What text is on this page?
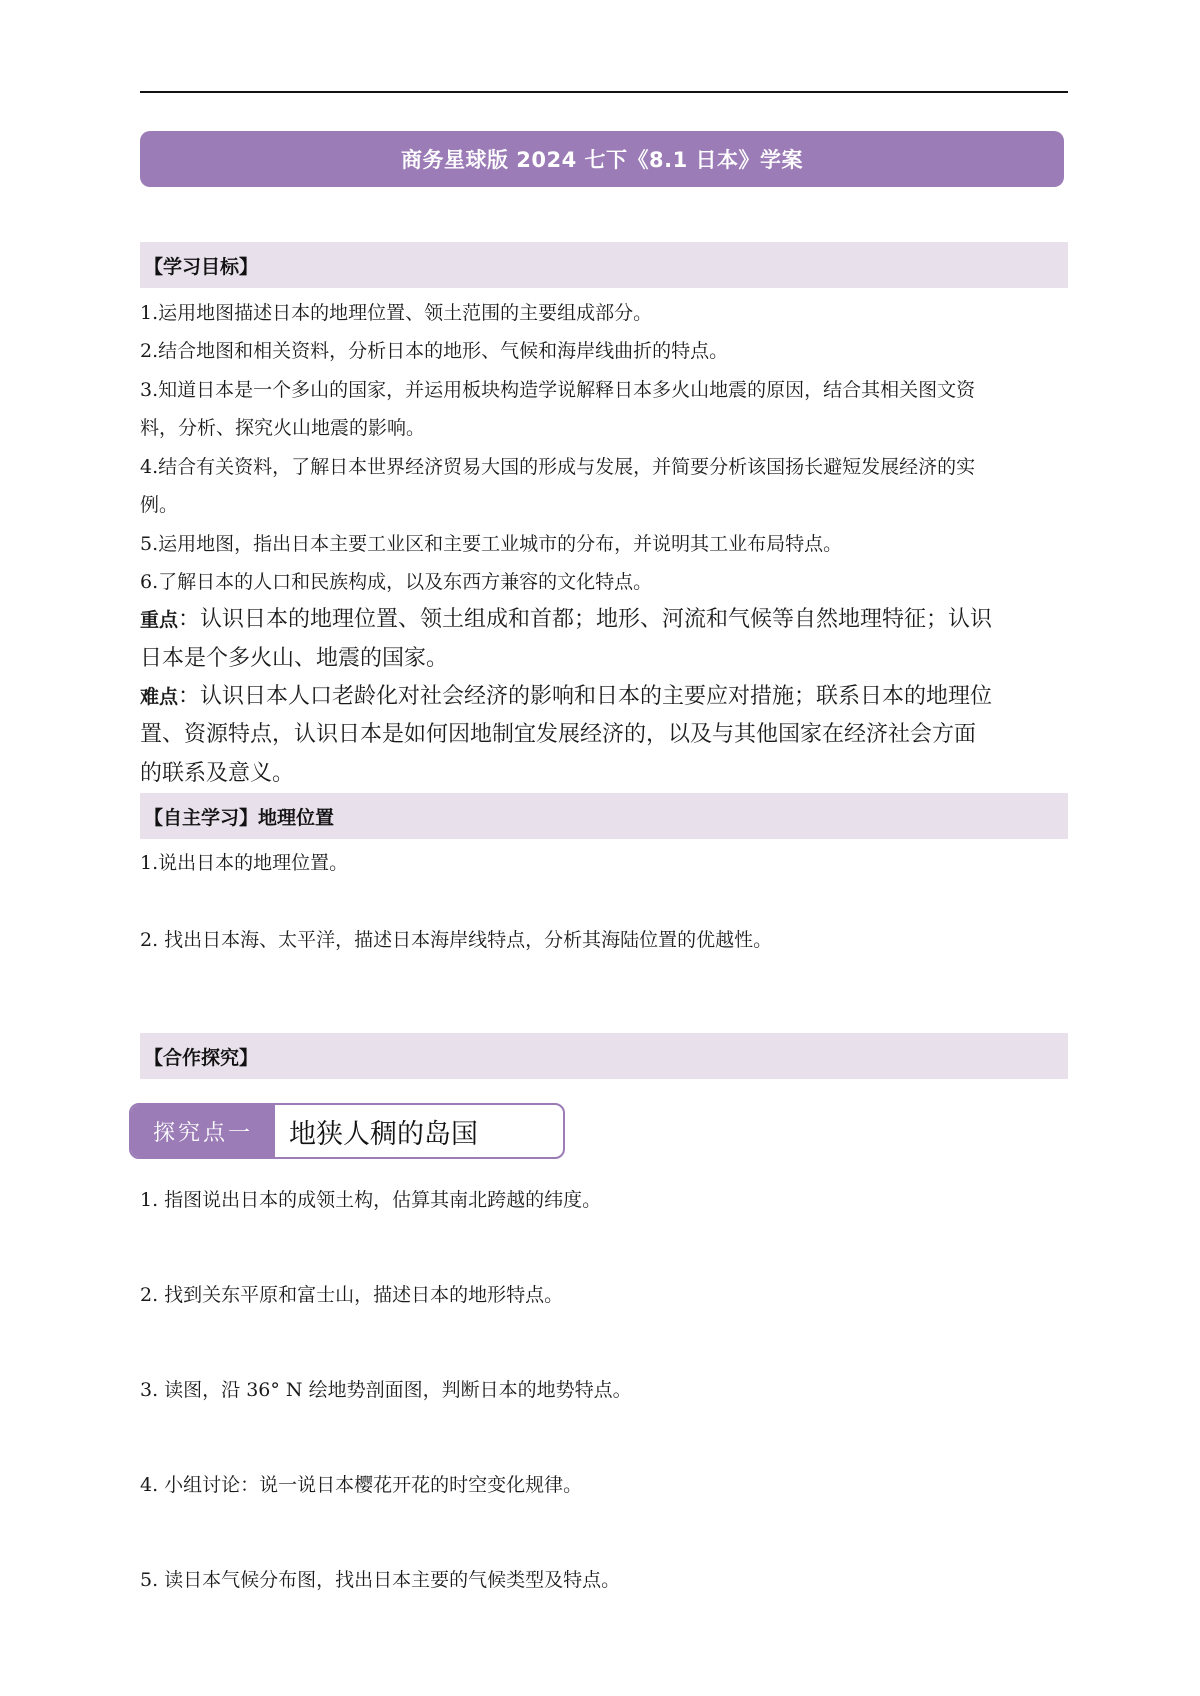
商务星球版 2024 七下《8.1 日本》学案
【学习目标】
1.运用地图描述日本的地理位置、领土范围的主要组成部分。
2.结合地图和相关资料，分析日本的地形、气候和海岸线曲折的特点。
3.知道日本是一个多山的国家，并运用板块构造学说解释日本多火山地震的原因，结合其相关图文资
料，分析、探究火山地震的影响。
4.结合有关资料，了解日本世界经济贸易大国的形成与发展，并简要分析该国扬长避短发展经济的实
例。
5.运用地图，指出日本主要工业区和主要工业城市的分布，并说明其工业布局特点。
6.了解日本的人口和民族构成，以及东西方兼容的文化特点。
重点：认识日本的地理位置、领土组成和首都；地形、河流和气候等自然地理特征；认识
日本是个多火山、地震的国家。
难点：认识日本人口老龄化对社会经济的影响和日本的主要应对措施；联系日本的地理位
置、资源特点，认识日本是如何因地制宜发展经济的，以及与其他国家在经济社会方面
的联系及意义。
【自主学习】地理位置
1.说出日本的地理位置。
2. 找出日本海、太平洋，描述日本海岸线特点，分析其海陆位置的优越性。
【合作探究】
探究点一	地狭人稠的岛国
1. 指图说出日本的成领土构，估算其南北跨越的纬度。
2. 找到关东平原和富士山，描述日本的地形特点。
3. 读图，沿 36° N 绘地势剖面图，判断日本的地势特点。
4. 小组讨论：说一说日本樱花开花的时空变化规律。
5. 读日本气候分布图，找出日本主要的气候类型及特点。
